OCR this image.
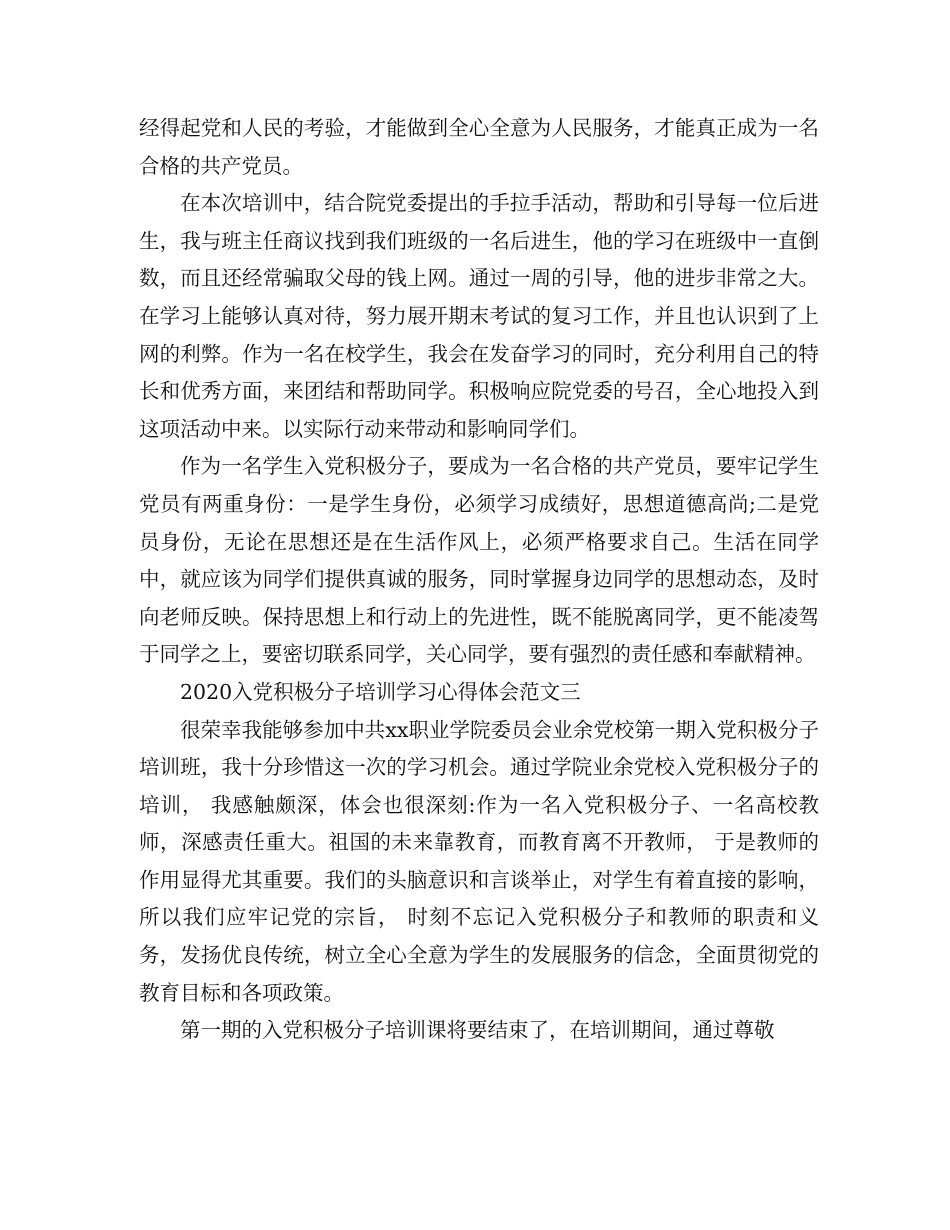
经得起党和人民的考验，才能做到全心全意为人民服务，才能真正成为一名合格的共产党员。

在本次培训中，结合院党委提出的手拉手活动，帮助和引导每一位后进生，我与班主任商议找到我们班级的一名后进生，他的学习在班级中一直倒数，而且还经常骗取父母的钱上网。通过一周的引导，他的进步非常之大。在学习上能够认真对待，努力展开期末考试的复习工作，并且也认识到了上网的利弊。作为一名在校学生，我会在发奋学习的同时，充分利用自己的特长和优秀方面，来团结和帮助同学。积极响应院党委的号召，全心地投入到这项活动中来。以实际行动来带动和影响同学们。

作为一名学生入党积极分子，要成为一名合格的共产党员，要牢记学生党员有两重身份：一是学生身份，必须学习成绩好，思想道德高尚;二是党员身份，无论在思想还是在生活作风上，必须严格要求自己。生活在同学中，就应该为同学们提供真诚的服务，同时掌握身边同学的思想动态，及时向老师反映。保持思想上和行动上的先进性，既不能脱离同学，更不能凌驾于同学之上，要密切联系同学，关心同学，要有强烈的责任感和奉献精神。

2020入党积极分子培训学习心得体会范文三

很荣幸我能够参加中共xx职业学院委员会业余党校第一期入党积极分子培训班，我十分珍惜这一次的学习机会。通过学院业余党校入党积极分子的培训， 我感触颇深，体会也很深刻:作为一名入党积极分子、一名高校教师，深感责任重大。祖国的未来靠教育，而教育离不开教师， 于是教师的作用显得尤其重要。我们的头脑意识和言谈举止，对学生有着直接的影响， 所以我们应牢记党的宗旨， 时刻不忘记入党积极分子和教师的职责和义务，发扬优良传统，树立全心全意为学生的发展服务的信念，全面贯彻党的教育目标和各项政策。

第一期的入党积极分子培训课将要结束了，在培训期间，通过尊敬
